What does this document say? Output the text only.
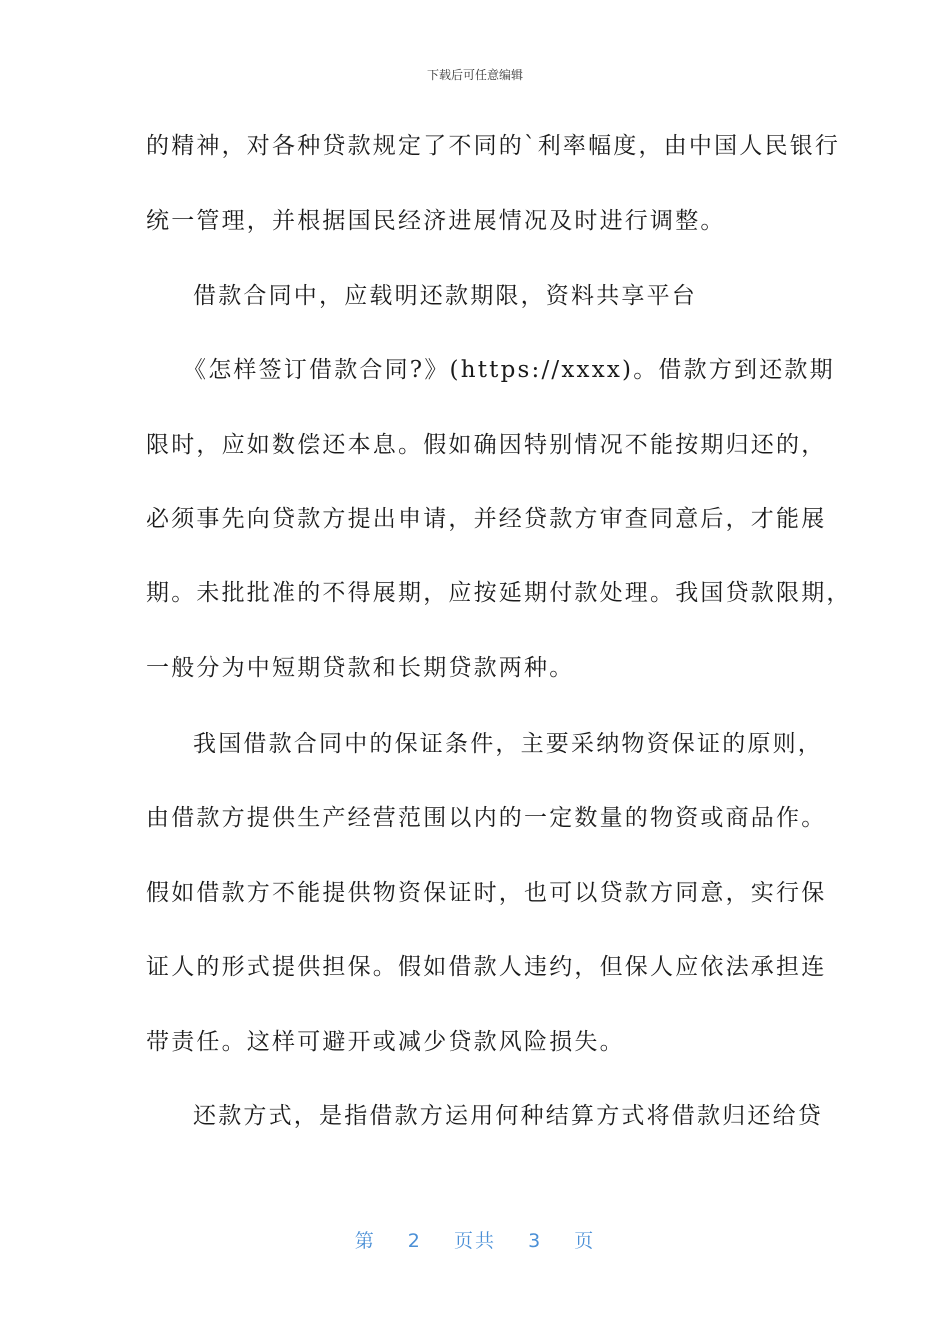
下载后可任意编辑
的精神，对各种贷款规定了不同的`利率幅度，由中国人民银行
统一管理，并根据国民经济进展情况及时进行调整。
借款合同中，应载明还款期限，资料共享平台
《怎样签订借款合同?》(https://xxxx)。借款方到还款期
限时，应如数偿还本息。假如确因特别情况不能按期归还的，
必须事先向贷款方提出申请，并经贷款方审查同意后，才能展
期。未批批准的不得展期，应按延期付款处理。我国贷款限期，
一般分为中短期贷款和长期贷款两种。
我国借款合同中的保证条件，主要采纳物资保证的原则，
由借款方提供生产经营范围以内的一定数量的物资或商品作。
假如借款方不能提供物资保证时，也可以贷款方同意，实行保
证人的形式提供担保。假如借款人违约，但保人应依法承担连
带责任。这样可避开或减少贷款风险损失。
还款方式，是指借款方运用何种结算方式将借款归还给贷
第 2 页共 3 页
